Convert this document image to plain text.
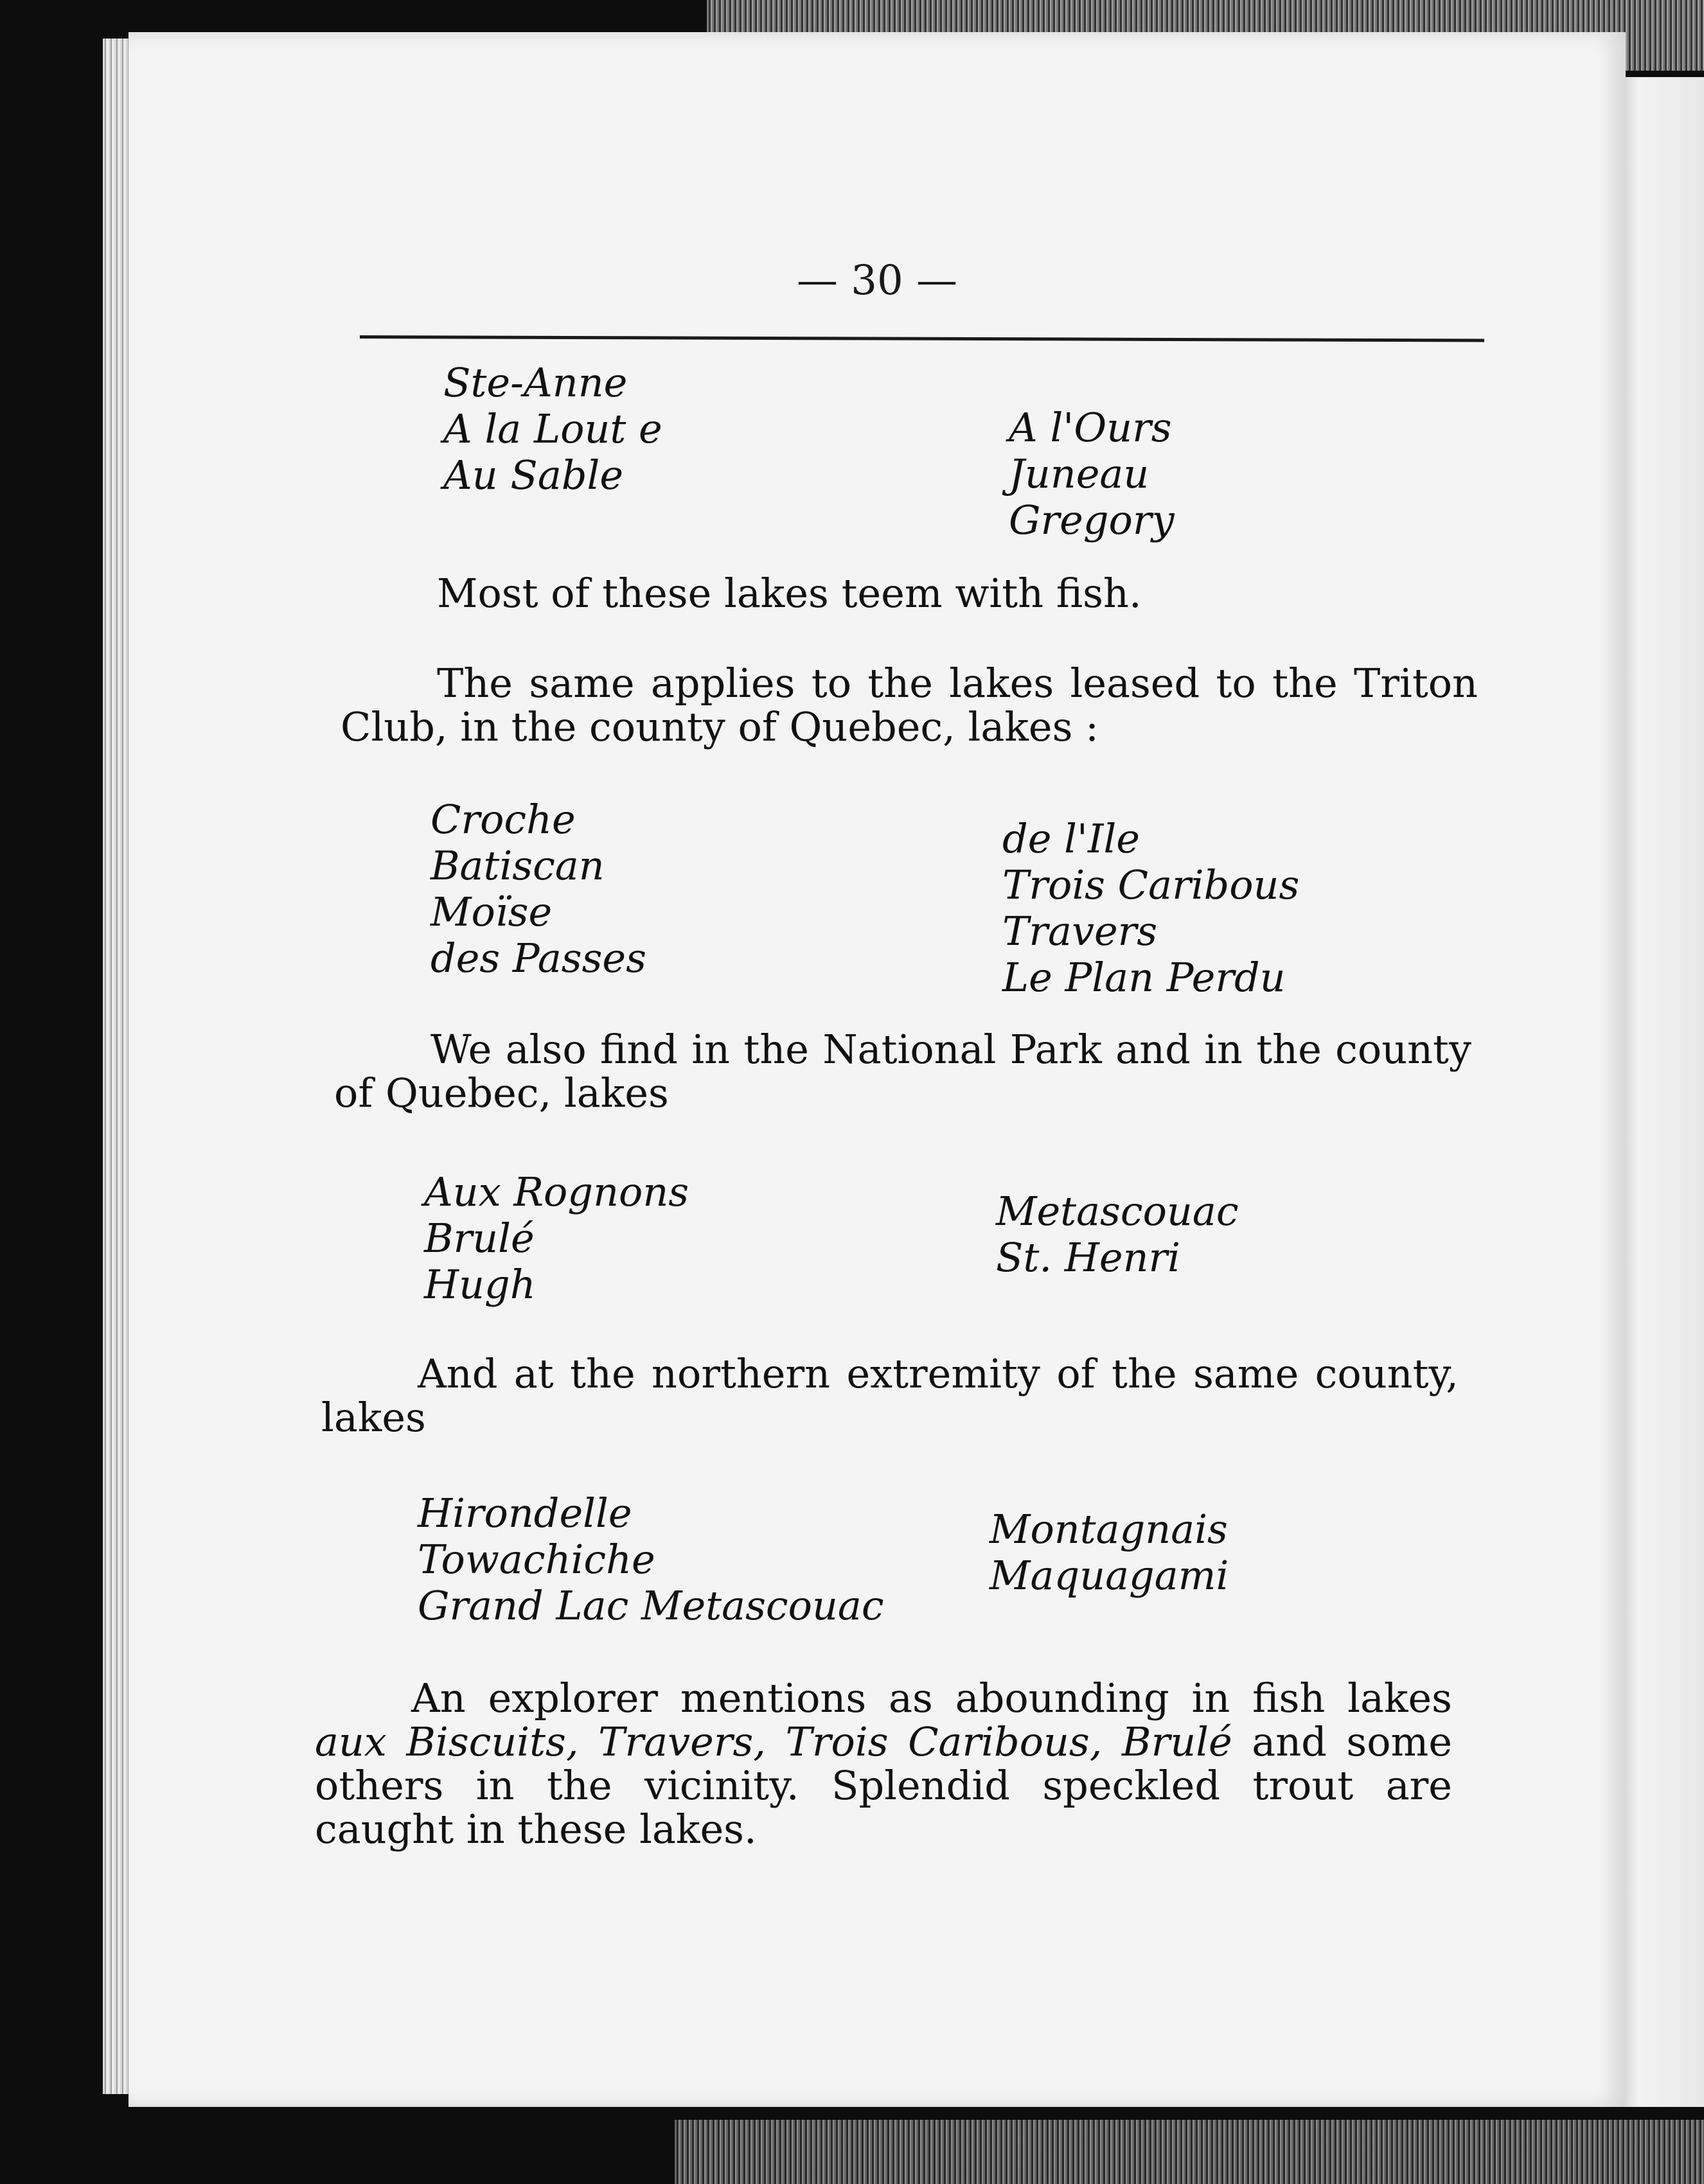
— 30 —
Ste-Anne
A la Lout e
Au Sable
A l'Ours
Juneau
Gregory
Most of these lakes teem with fish.
The same applies to the lakes leased to the Triton Club, in the county of Quebec, lakes :
Croche
Batiscan
Moïse
des Passes
de l'Ile
Trois Caribous
Travers
Le Plan Perdu
We also find in the National Park and in the county of Quebec, lakes
Aux Rognons
Brulé
Hugh
Metascouac
St. Henri
And at the northern extremity of the same county, lakes
Hirondelle
Towachiche
Grand Lac Metascouac
Montagnais
Maquagami
An explorer mentions as abounding in fish lakes aux Biscuits, Travers, Trois Caribous, Brulé and some others in the vicinity. Splendid speckled trout are caught in these lakes.
